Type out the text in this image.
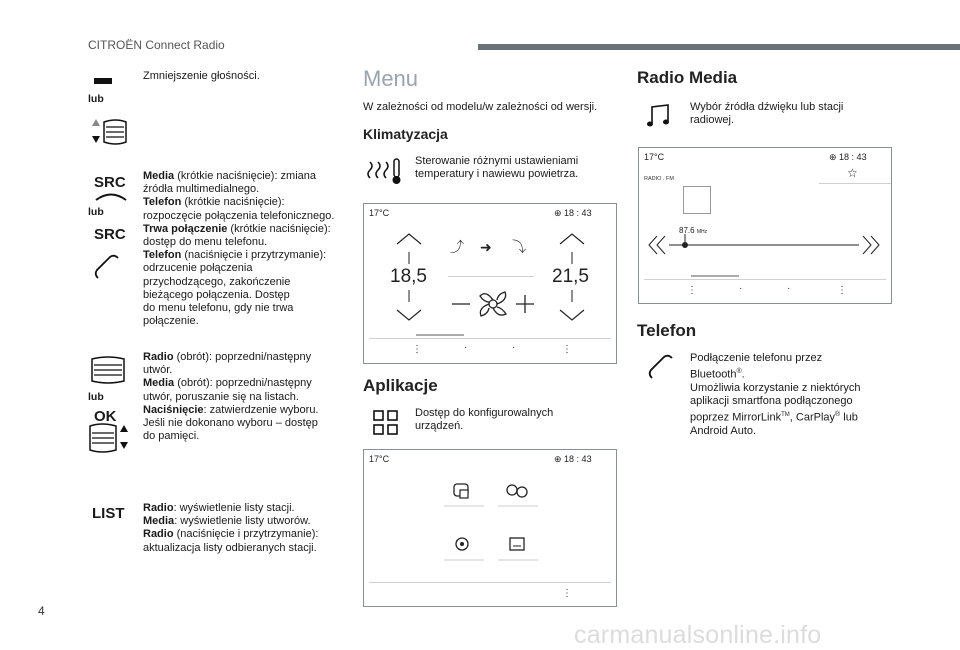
CITROËN Connect Radio
lub
Zmniejszenie głośności.
SRC
lub
SRC
Media (krótkie naciśnięcie): zmiana
źródła multimedialnego.
Telefon (krótkie naciśnięcie):
rozpoczęcie połączenia telefonicznego.
Trwa połączenie (krótkie naciśnięcie):
dostęp do menu telefonu.
Telefon (naciśnięcie i przytrzymanie):
odrzucenie połączenia
przychodzącego, zakończenie
bieżącego połączenia. Dostęp
do menu telefonu, gdy nie trwa
połączenie.
lub
OK
Radio (obrót): poprzedni/następny
utwór.
Media (obrót): poprzedni/następny
utwór, poruszanie się na listach.
Naciśnięcie: zatwierdzenie wyboru.
Jeśli nie dokonano wyboru – dostęp
do pamięci.
LIST Radio: wyświetlenie listy stacji.
Media: wyświetlenie listy utworów.
Radio (naciśnięcie i przytrzymanie):
aktualizacja listy odbieranych stacji.
Menu
W zależności od modelu/w zależności od wersji.
Klimatyzacja
Sterowanie różnymi ustawieniami
temperatury i nawiewu powietrza.
17°C	⊕ 18 : 43
18,5	21,5
⤴ ➜ ⤵
⋮	·	·	⋮
Aplikacje
Dostęp do konfigurowalnych
urządzeń.
17°C	⊕ 18 : 43
⋮
Radio Media
Wybór źródła dźwięku lub stacji
radiowej.
17°C	⊕ 18 : 43
☆
RADIO . FM
87.6 MHz
⋮	·	·	⋮
Telefon
Podłączenie telefonu przez
Bluetooth®.
Umożliwia korzystanie z niektórych
aplikacji smartfona podłączonego
poprzez MirrorLink™, CarPlay® lub
Android Auto.
4
carmanualsonline.info
